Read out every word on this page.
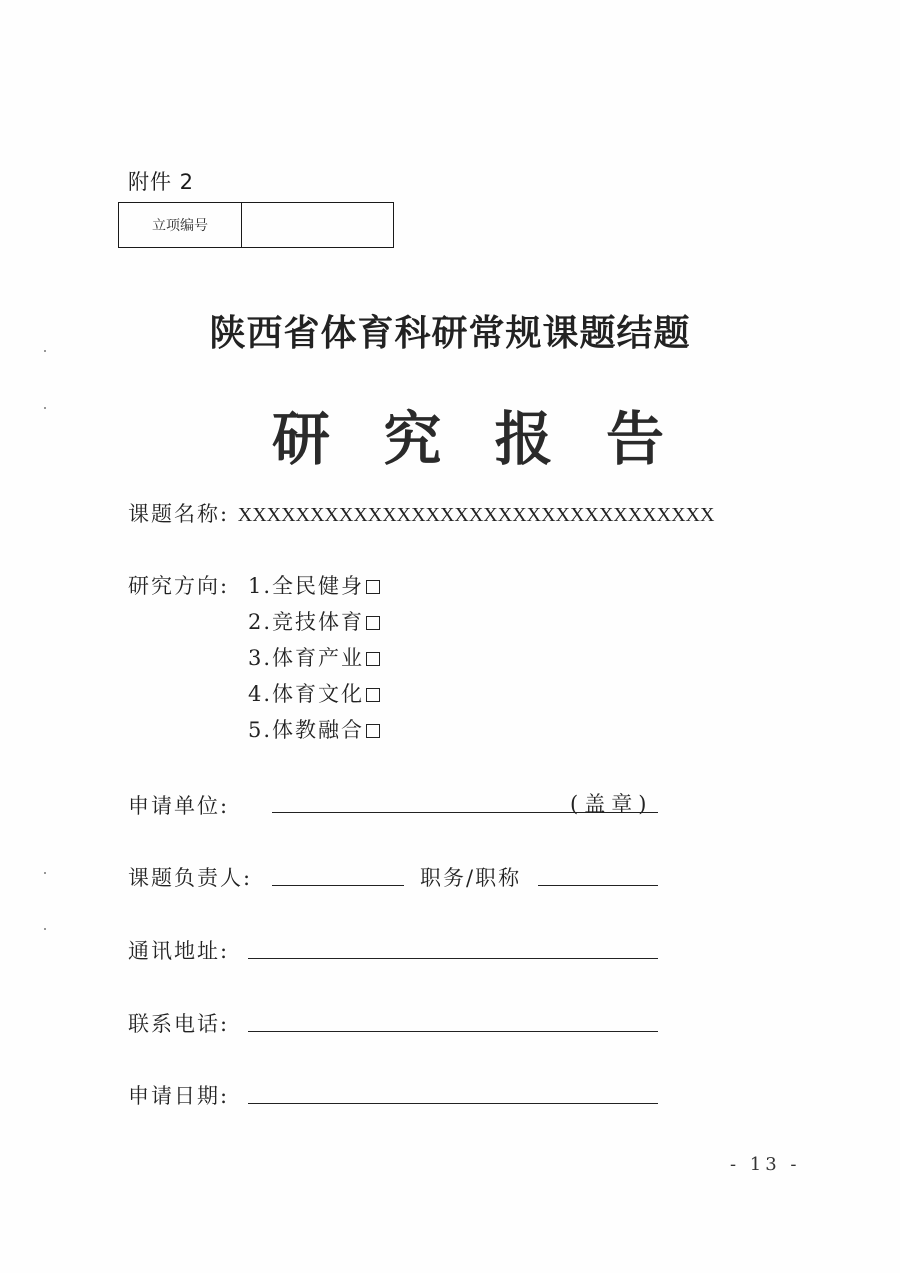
附件 2
立项编号
陕西省体育科研常规课题结题
研 究 报 告
课题名称: XXXXXXXXXXXXXXXXXXXXXXXXXXXXXXXXX
研究方向: 1.全民健身
2.竞技体育
3.体育产业
4.体育文化
5.体教融合
申请单位:	(盖章)
课题负责人:	职务/职称
通讯地址:
联系电话:
申请日期:
- 13 -
